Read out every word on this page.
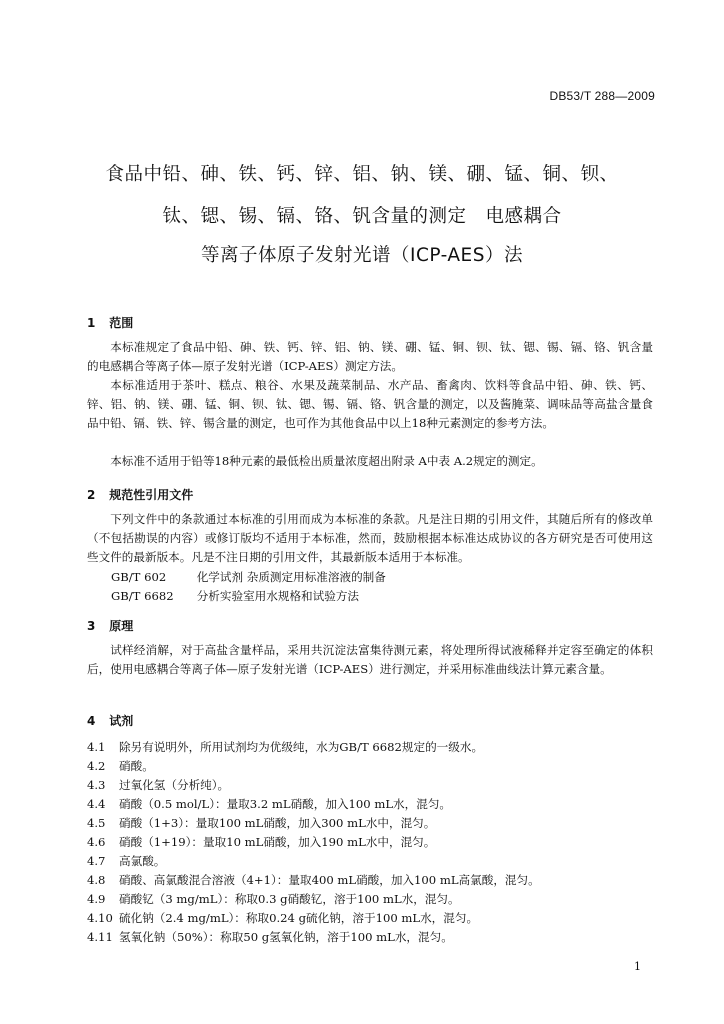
DB53/T 288—2009
食品中铅、砷、铁、钙、锌、铝、钠、镁、硼、锰、铜、钡、
钛、锶、锡、镉、铬、钒含量的测定　电感耦合
等离子体原子发射光谱（ICP-AES）法
1 范围

本标准规定了食品中铅、砷、铁、钙、锌、铝、钠、镁、硼、锰、铜、钡、钛、锶、锡、镉、铬、钒含量的电感耦合等离子体—原子发射光谱（ICP-AES）测定方法。

本标准适用于茶叶、糕点、粮谷、水果及蔬菜制品、水产品、畜禽肉、饮料等食品中铅、砷、铁、钙、锌、铝、钠、镁、硼、锰、铜、钡、钛、锶、锡、镉、铬、钒含量的测定，以及酱腌菜、调味品等高盐含量食品中铅、镉、铁、锌、锡含量的测定，也可作为其他食品中以上18种元素测定的参考方法。

本标准不适用于铅等18种元素的最低检出质量浓度超出附录 A中表 A.2规定的测定。

2 规范性引用文件

下列文件中的条款通过本标准的引用而成为本标准的条款。凡是注日期的引用文件，其随后所有的修改单（不包括勘误的内容）或修订版均不适用于本标准，然而，鼓励根据本标准达成协议的各方研究是否可使用这些文件的最新版本。凡是不注日期的引用文件，其最新版本适用于本标准。

GB/T 602	化学试剂 杂质测定用标准溶液的制备
GB/T 6682 分析实验室用水规格和试验方法
3 原理

试样经消解，对于高盐含量样品，采用共沉淀法富集待测元素，将处理所得试液稀释并定容至确定的体积后，使用电感耦合等离子体—原子发射光谱（ICP-AES）进行测定，并采用标准曲线法计算元素含量。

4 试剂
4.1 除另有说明外，所用试剂均为优级纯，水为GB/T 6682规定的一级水。
4.2 硝酸。
4.3 过氧化氢（分析纯）。
4.4 硝酸（0.5 mol/L）：量取3.2 mL硝酸，加入100 mL水，混匀。
4.5 硝酸（1+3）：量取100 mL硝酸，加入300 mL水中，混匀。
4.6 硝酸（1+19）：量取10 mL硝酸，加入190 mL水中，混匀。
4.7 高氯酸。
4.8 硝酸、高氯酸混合溶液（4+1）：量取400 mL硝酸，加入100 mL高氯酸，混匀。
4.9 硝酸钇（3 mg/mL）：称取0.3 g硝酸钇，溶于100 mL水，混匀。
4.10 硫化钠（2.4 mg/mL）：称取0.24 g硫化钠，溶于100 mL水，混匀。
4.11 氢氧化钠（50%）：称取50 g氢氧化钠，溶于100 mL水，混匀。
1
